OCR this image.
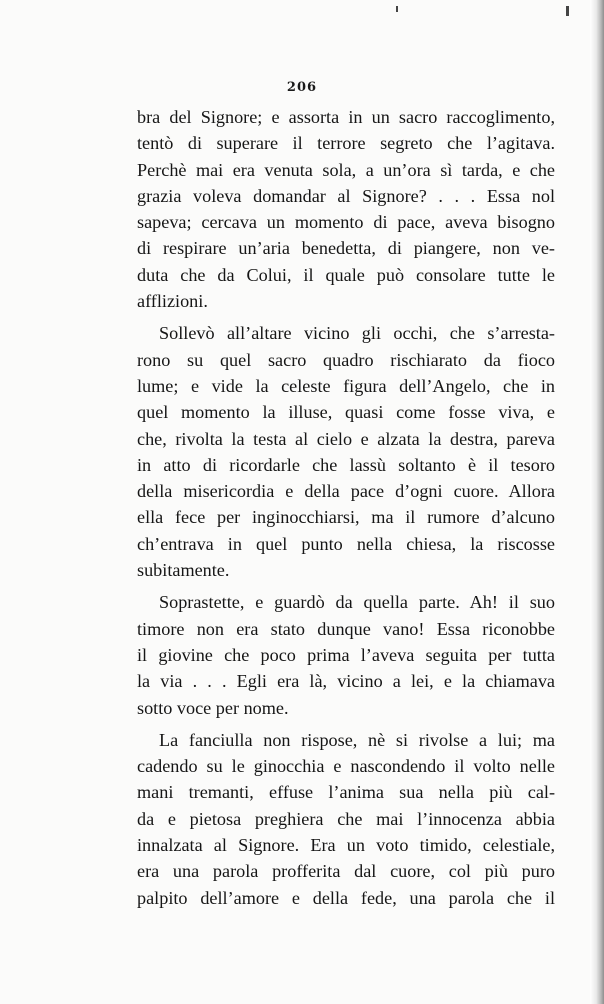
206
bra del Signore; e assorta in un sacro raccoglimento,
tentò di superare il terrore segreto che l’agitava.
Perchè mai era venuta sola, a un’ora sì tarda, e che
grazia voleva domandar al Signore? . . . Essa nol
sapeva; cercava un momento di pace, aveva bisogno
di respirare un’aria benedetta, di piangere, non ve-
duta che da Colui, il quale può consolare tutte le
afflizioni.
Sollevò all’altare vicino gli occhi, che s’arresta-
rono su quel sacro quadro rischiarato da fioco
lume; e vide la celeste figura dell’Angelo, che in
quel momento la illuse, quasi come fosse viva, e
che, rivolta la testa al cielo e alzata la destra, pareva
in atto di ricordarle che lassù soltanto è il tesoro
della misericordia e della pace d’ogni cuore. Allora
ella fece per inginocchiarsi, ma il rumore d’alcuno
ch’entrava in quel punto nella chiesa, la riscosse
subitamente.
Soprastette, e guardò da quella parte. Ah! il suo
timore non era stato dunque vano! Essa riconobbe
il giovine che poco prima l’aveva seguita per tutta
la via . . . Egli era là, vicino a lei, e la chiamava
sotto voce per nome.
La fanciulla non rispose, nè si rivolse a lui; ma
cadendo su le ginocchia e nascondendo il volto nelle
mani tremanti, effuse l’anima sua nella più cal-
da e pietosa preghiera che mai l’innocenza abbia
innalzata al Signore. Era un voto timido, celestiale,
era una parola profferita dal cuore, col più puro
palpito dell’amore e della fede, una parola che il
